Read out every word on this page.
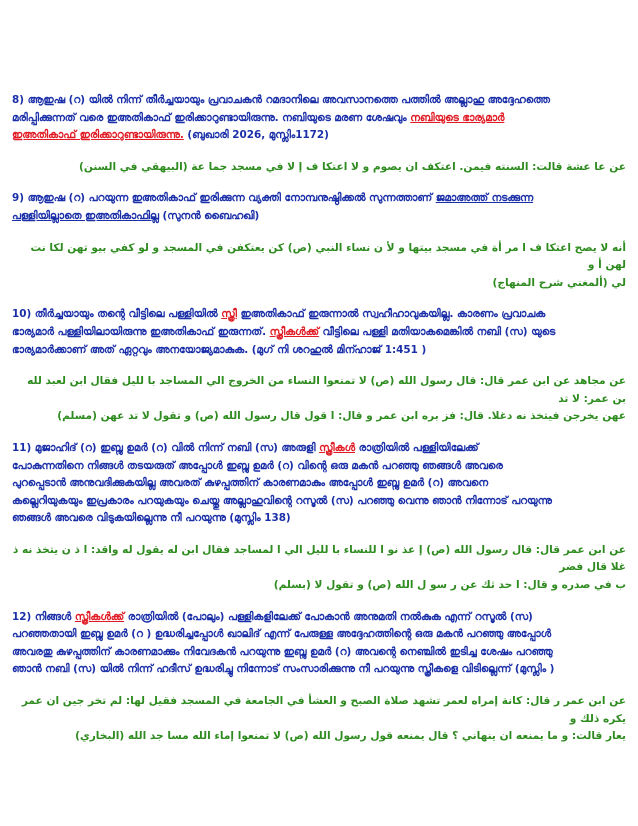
8) ആഇഷ (റ) യിൽ നിന്ന് തീർച്ചയായും പ്രവാചകൻ റമദാനിലെ അവസാനത്തെ പത്തിൽ അല്ലാഹു അദ്ദേഹത്തെ

മരിപ്പിക്കുന്നത് വരെ ഇഅതികാഫ് ഇരിക്കാറുണ്ടായിരുന്നു. നബിയുടെ മരണ ശേഷവും നബിയുടെ ഭാര്യമാർ

ഇഅതികാഫ് ഇരിക്കാറുണ്ടായിരുന്നു. (ബുഖാരി 2026, മുസ്ലിം1172)

عن عا عشة قالت: السنته فيمن. اعتكف ان يصوم و لا اعتكا ف إ لا في مسجد جما عة (البيهقي في السنن)

9) ആഇഷ (റ) പറയുന്ന ഇഅതികാഫ് ഇരിക്കുന്ന വ്യക്തി നോമ്പനുഷ്ഠിക്കൽ സുന്നത്താണ് ജമാഅത്ത് നടക്കുന്ന

പള്ളിയില്ലാതെ ഇഅതികാഫില്ല (സുനൻ ബൈഹഖി)

أنه لا يصح اعتكا ف ا مر أة في مسجد بيتها و لأ ن نساء النبي (ص) كن يعتكفن في المسجد و لو كفي بيو تهن لكا نت لهن أ و

لي (ألمغني شرح المنهاج)

10) തീർച്ചയായും തന്റെ വീട്ടിലെ പള്ളിയിൽ സ്ത്രീ ഇഅതികാഫ് ഇരുന്നാൽ സ്വഹീഹാവുകയില്ല. കാരണം പ്രവാചക

ഭാര്യമാർ പള്ളിയിലായിരുന്നു ഇഅതികാഫ് ഇരുന്നത്. സ്ത്രീകൾക്ക് വീട്ടിലെ പള്ളി മതിയാകമെങ്കിൽ നബി (സ) യുടെ

ഭാര്യമാർക്കാണ് അത് ഏറ്റവും അനയോജ്യമാകുക. (മുഗ് നി ശറഹുൽ മിന്ഹാജ് 1:451 )

عن مجاهد عن ابن عمر قال: قال رسول الله (ص) لا تمنعوا النساء من الخروج الي المساجد با لليل فقال ابن لعبد لله بن عمر: لا تد

عهن يخرجن فيتخذ نه دغلا. قال: فز بره ابن عمر و قال: ا قول قال رسول الله (ص) و تقول لا تد عهن (مسلم)

11) മുജാഹിദ് (റ) ഇബ്നു ഉമർ (റ) വിൽ നിന്ന് നബി (സ) അരുളി സ്ത്രീകൾ രാത്രിയിൽ പള്ളിയിലേക്ക്

പോകുന്നതിനെ നിങ്ങൾ തടയരുത് അപ്പോൾ ഇബ്നു ഉമർ (റ) വിന്റെ ഒരു മകൻ പറഞ്ഞു ഞങ്ങൾ അവരെ

പുറപ്പെടാൻ അനുവദിക്കുകയില്ല അവരത് കുഴപ്പത്തിന് കാരണമാകും അപ്പോൾ ഇബ്നു ഉമർ (റ) അവനെ

കല്ലെറിയുകയും ഇപ്രകാരം പറയുകയും ചെയ്തു അല്ലാഹുവിന്റെ റസൂൽ (സ) പറഞ്ഞു വെന്നു ഞാൻ നിന്നോട് പറയുന്നു

ഞങ്ങൾ അവരെ വിടുകയില്ലെന്നു നീ പറയുന്നു (മുസ്ലിം 138)

عن ابن عمر قال: قال رسول الله (ص) إ عذ نو ا للنساء با لليل الي ا لمساجد فقال ابن له يقول له واقد: ا ذ ن يتخذ نه ذ غلا قال فضر

ب في صدره و قال: ا حد ثك عن ر سو ل الله (ص) و تقول لا (بسلم)

12) നിങ്ങൾ സ്ത്രീകൾക്ക് രാത്രിയിൽ (പോലും) പള്ളികളിലേക്ക് പോകാൻ അനുമതി നൽകുക എന്ന് റസൂൽ (സ)

പറഞ്ഞതായി ഇബ്നു ഉമർ (റ ) ഉദ്ധരിച്ചപ്പോൾ ഖാലിദ് എന്ന് പേരുള്ള അദ്ദേഹത്തിന്റെ ഒരു മകൻ പറഞ്ഞു അപ്പോൾ

അവരതു കുഴപ്പത്തിന് കാരണമാക്കും നിവേദകൻ പറയുന്നു ഇബ്നു ഉമർ (റ) അവന്റെ നെഞ്ചിൽ ഇടിച്ച ശേഷം പറഞ്ഞു

ഞാൻ നബി (സ) യിൽ നിന്ന് ഹദീസ് ഉദ്ധരിച്ചു നിന്നോട് സംസാരിക്കുന്നു നീ പറയുന്നു സ്ത്രീകളെ വിടില്ലെന്ന് (മുസ്ലിം )

عن ابن عمر ر قال: كانة إمراه لعمر تشهد صلاة الصبح و العشأ في الجامعة في المسجد فقيل لها: لم تخر جين ان عمر يكره ذلك و

يعار قالت: و ما يمنعه ان ينهاني ؟ قال يمنعه قول رسول الله (ص) لا تمنعوا إماء الله مسا جد الله (البخاري)
